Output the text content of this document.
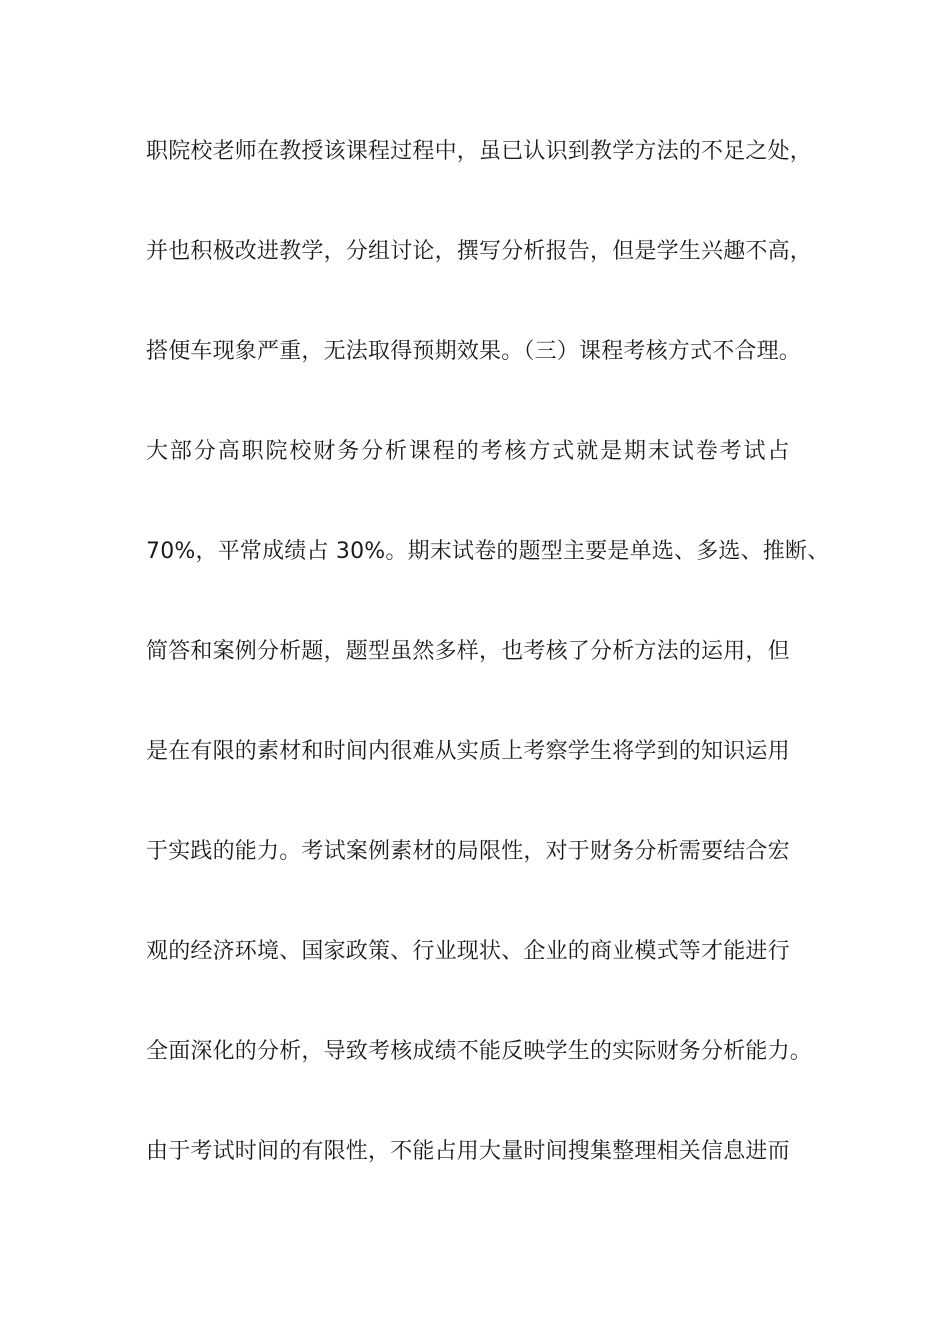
职院校老师在教授该课程过程中，虽已认识到教学方法的不足之处，
并也积极改进教学，分组讨论，撰写分析报告，但是学生兴趣不高，
搭便车现象严重，无法取得预期效果。（三）课程考核方式不合理。
大部分高职院校财务分析课程的考核方式就是期末试卷考试占
70%，平常成绩占 30%。期末试卷的题型主要是单选、多选、推断、
简答和案例分析题，题型虽然多样，也考核了分析方法的运用，但
是在有限的素材和时间内很难从实质上考察学生将学到的知识运用
于实践的能力。考试案例素材的局限性，对于财务分析需要结合宏
观的经济环境、国家政策、行业现状、企业的商业模式等才能进行
全面深化的分析，导致考核成绩不能反映学生的实际财务分析能力。
由于考试时间的有限性，不能占用大量时间搜集整理相关信息进而
